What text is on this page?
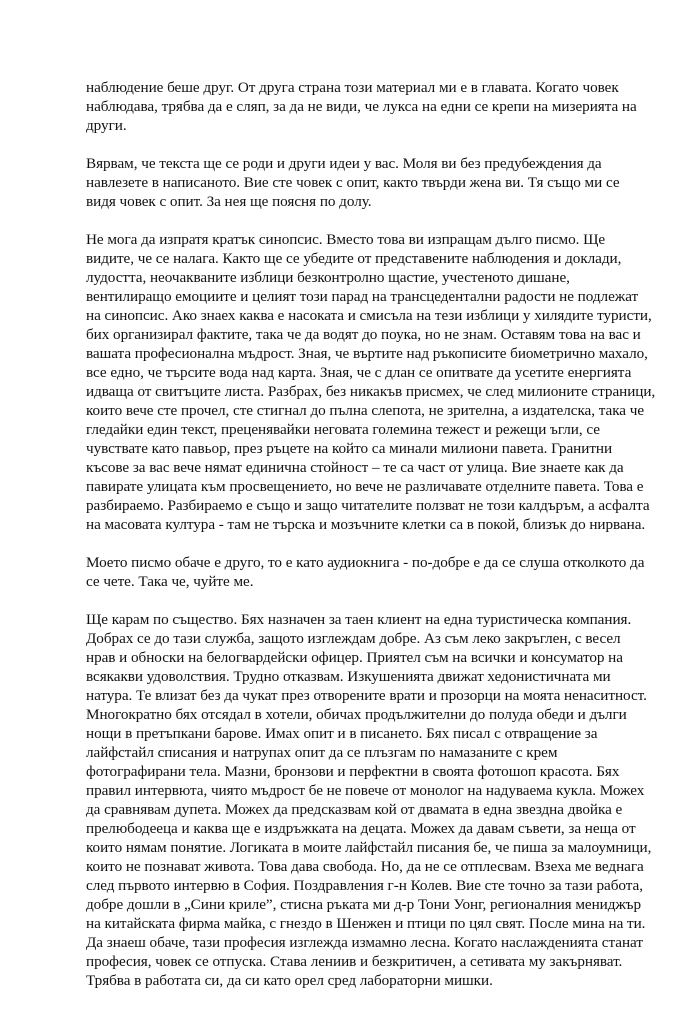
наблюдение беше друг. От друга страна този материал ми е в главата. Когато човек
наблюдава, трябва да е сляп, за да не види, че лукса на едни се крепи на мизерията на
други.

Вярвам, че текста ще се роди и други идеи у вас. Моля ви без предубеждения да
навлезете в написаното. Вие сте човек с опит, както твърди жена ви. Тя също ми се
видя човек с опит. За нея ще поясня по долу.

Не мога да изпратя кратък синопсис. Вместо това ви изпращам дълго писмо. Ще
видите, че се налага. Както ще се убедите от представените наблюдения и доклади,
лудостта, неочакваните изблици безконтролно щастие, учестеното дишане,
вентилиращо емоциите и целият този парад на трансцедентални радости не подлежат
на синопсис. Ако знаех каква е насоката и смисъла на тези изблици у хилядите туристи,
бих организирал фактите, така че да водят до поука, но не знам. Оставям това на вас и
вашата професионална мъдрост. Зная, че въртите над ръкописите биометрично махало,
все едно, че търсите вода над карта. Зная, че с длан се опитвате да усетите енергията
идваща от свитъците листа. Разбрах, без никакъв присмех, че след милионите страници,
които вече сте прочел, сте стигнал до пълна слепота, не зрителна, а издателска, така че
гледайки един текст, преценявайки неговата големина тежест и режещи ъгли, се
чувствате като павьор, през ръцете на който са минали милиони павета. Гранитни
късове за вас вече нямат единична стойност – те са част от улица. Вие знаете как да
павирате улицата към просвещението, но вече не различавате отделните павета. Това е
разбираемо. Разбираемо е също и защо читателите ползват не този калдъръм, а асфалта
на масовата култура - там не търска и мозъчните клетки са в покой, близък до нирвана.

Моето писмо обаче е друго, то е като аудиокнига - по-добре е да се слуша отколкото да
се чете. Така че, чуйте ме.

Ще карам по същество. Бях назначен за таен клиент на една туристическа компания.
Добрах се до тази служба, защото изглеждам добре. Аз съм леко закръглен, с весел
нрав и обноски на белогвардейски офицер. Приятел съм на всички и консуматор на
всякакви удоволствия. Трудно отказвам. Изкушенията движат хедонистичната ми
натура. Те влизат без да чукат през отворените врати и прозорци на моята ненаситност.
Многократно бях отсядал в хотели, обичах продължителни до полуда обеди и дълги
нощи в претъпкани барове. Имах опит и в писането. Бях писал с отвращение за
лайфстайл списания и натрупах опит да се плъзгам по намазаните с крем
фотографирани тела. Мазни, бронзови и перфектни в своята фотошоп красота. Бях
правил интервюта, чиято мъдрост бе не повече от монолог на надуваема кукла. Можех
да сравнявам дупета. Можех да предсказвам кой от двамата в една звездна двойка е
прелюбодееца и каква ще е издръжката на децата. Можех да давам съвети, за неща от
които нямам понятие. Логиката в моите лайфстайл писания бе, че пиша за малоумници,
които не познават живота. Това дава свобода. Но, да не се отплесвам. Взеха ме веднага
след първото интервю в София. Поздравления г-н Колев. Вие сте точно за тази работа,
добре дошли в „Сини криле”, стисна ръката ми д-р Тони Уонг, регионалния мениджър
на китайската фирма майка, с гнездо в Шенжен и птици по цял свят. После мина на ти.
Да знаеш обаче, тази професия изглежда измамно лесна. Когато наслажденията станат
професия, човек се отпуска. Става лениив и безкритичен, а сетивата му закърняват.
Трябва в работата си, да си като орел сред лабораторни мишки.
